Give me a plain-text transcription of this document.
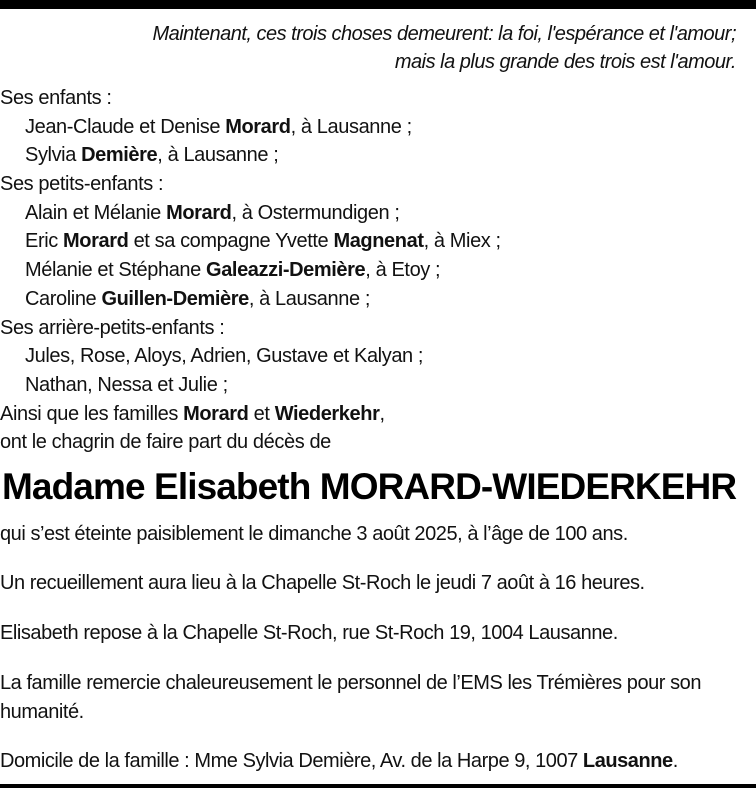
Maintenant, ces trois choses demeurent: la foi, l'espérance et l'amour;
mais la plus grande des trois est l'amour.
Ses enfants :
Jean-Claude et Denise Morard, à Lausanne ;
Sylvia Demière, à Lausanne ;
Ses petits-enfants :
Alain et Mélanie Morard, à Ostermundigen ;
Eric Morard et sa compagne Yvette Magnenat, à Miex ;
Mélanie et Stéphane Galeazzi-Demière, à Etoy ;
Caroline Guillen-Demière, à Lausanne ;
Ses arrière-petits-enfants :
Jules, Rose, Aloys, Adrien, Gustave et Kalyan ;
Nathan, Nessa et Julie ;
Ainsi que les familles Morard et Wiederkehr,
ont le chagrin de faire part du décès de
Madame Elisabeth MORARD-WIEDERKEHR
qui s’est éteinte paisiblement le dimanche 3 août 2025, à l’âge de 100 ans.
Un recueillement aura lieu à la Chapelle St-Roch le jeudi 7 août à 16 heures.
Elisabeth repose à la Chapelle St-Roch, rue St-Roch 19, 1004 Lausanne.
La famille remercie chaleureusement le personnel de l’EMS les Trémières pour son humanité.
Domicile de la famille : Mme Sylvia Demière, Av. de la Harpe 9, 1007 Lausanne.
